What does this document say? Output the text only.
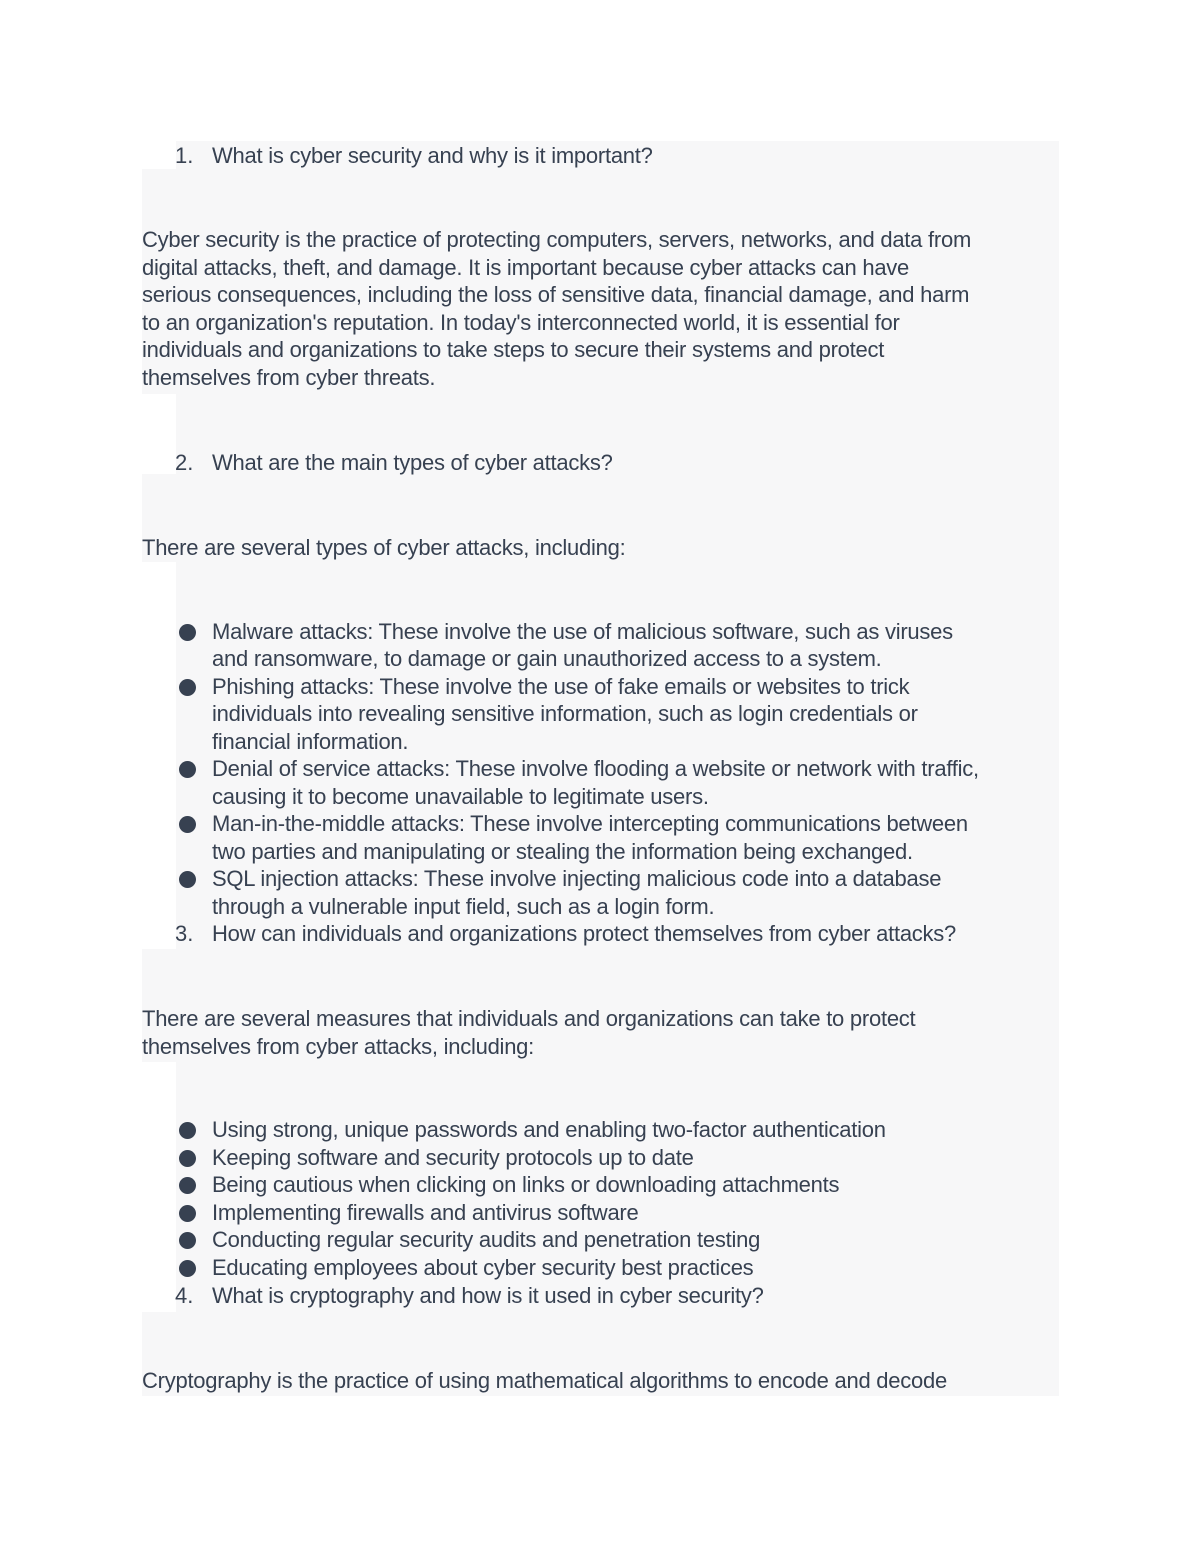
1. What is cyber security and why is it important?
Cyber security is the practice of protecting computers, servers, networks, and data from
digital attacks, theft, and damage. It is important because cyber attacks can have
serious consequences, including the loss of sensitive data, financial damage, and harm
to an organization's reputation. In today's interconnected world, it is essential for
individuals and organizations to take steps to secure their systems and protect
themselves from cyber threats.
2. What are the main types of cyber attacks?
There are several types of cyber attacks, including:
Malware attacks: These involve the use of malicious software, such as viruses
and ransomware, to damage or gain unauthorized access to a system.
Phishing attacks: These involve the use of fake emails or websites to trick
individuals into revealing sensitive information, such as login credentials or
financial information.
Denial of service attacks: These involve flooding a website or network with traffic,
causing it to become unavailable to legitimate users.
Man-in-the-middle attacks: These involve intercepting communications between
two parties and manipulating or stealing the information being exchanged.
SQL injection attacks: These involve injecting malicious code into a database
through a vulnerable input field, such as a login form.
3. How can individuals and organizations protect themselves from cyber attacks?
There are several measures that individuals and organizations can take to protect
themselves from cyber attacks, including:
Using strong, unique passwords and enabling two-factor authentication
Keeping software and security protocols up to date
Being cautious when clicking on links or downloading attachments
Implementing firewalls and antivirus software
Conducting regular security audits and penetration testing
Educating employees about cyber security best practices
4. What is cryptography and how is it used in cyber security?
Cryptography is the practice of using mathematical algorithms to encode and decode
